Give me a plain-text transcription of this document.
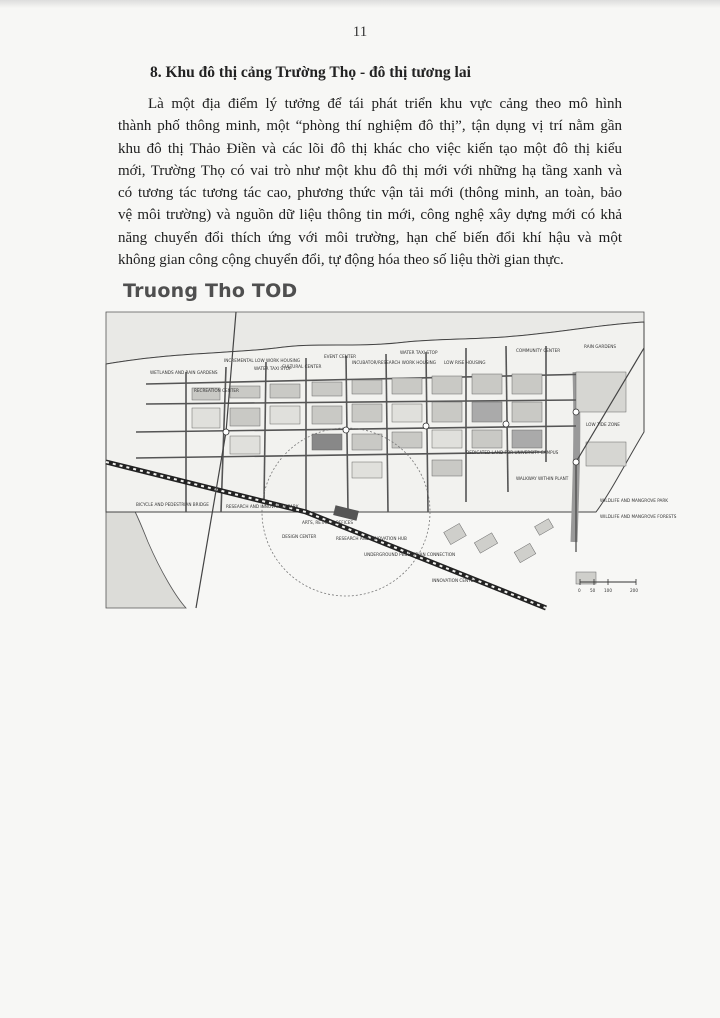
11
8. Khu đô thị cảng Trường Thọ - đô thị tương lai
Là một địa điểm lý tưởng để tái phát triển khu vực cảng theo mô hình
thành phố thông minh, một “phòng thí nghiệm đô thị”, tận dụng vị trí nằm gần
khu đô thị Thảo Điền và các lõi đô thị khác cho việc kiến tạo một đô thị kiểu
mới, Trường Thọ có vai trò như một khu đô thị mới với những hạ tầng xanh và
có tương tác tương tác cao, phương thức vận tải mới (thông minh, an toàn, bảo
vệ môi trường) và nguồn dữ liệu thông tin mới, công nghệ xây dựng mới có khả
năng chuyển đổi thích ứng với môi trường, hạn chế biến đổi khí hậu và một
không gian công cộng chuyển đổi, tự động hóa theo số liệu thời gian thực.
Truong Tho TOD
WETLANDS AND RAIN GARDENS
RECREATION CENTER
INCREMENTAL LOW WORK HOUSING
WATER TAXI STOP
CULTURAL CENTER
EVENT CENTER
INCUBATOR/RESEARCH WORK HOUSING
WATER TAXI STOP
LOW RISE HOUSING
COMMUNITY CENTER
RAIN GARDENS
LOW TIDE ZONE
DEDICATED LAND FOR UNIVERSITY CAMPUS
WALKWAY WITHIN PLANT
BICYCLE AND PEDESTRIAN BRIDGE	RESEARCH AND INNOVATION PARK
ARTS, RETAIL & OFFICES
RESEARCH AND INNOVATION HUB
UNDERGROUND PEDESTRIAN CONNECTION
DESIGN CENTER
WILDLIFE AND MANGROVE PARK
INNOVATION CENTER
WILDLIFE AND MANGROVE FORESTS
0 50 100	200
